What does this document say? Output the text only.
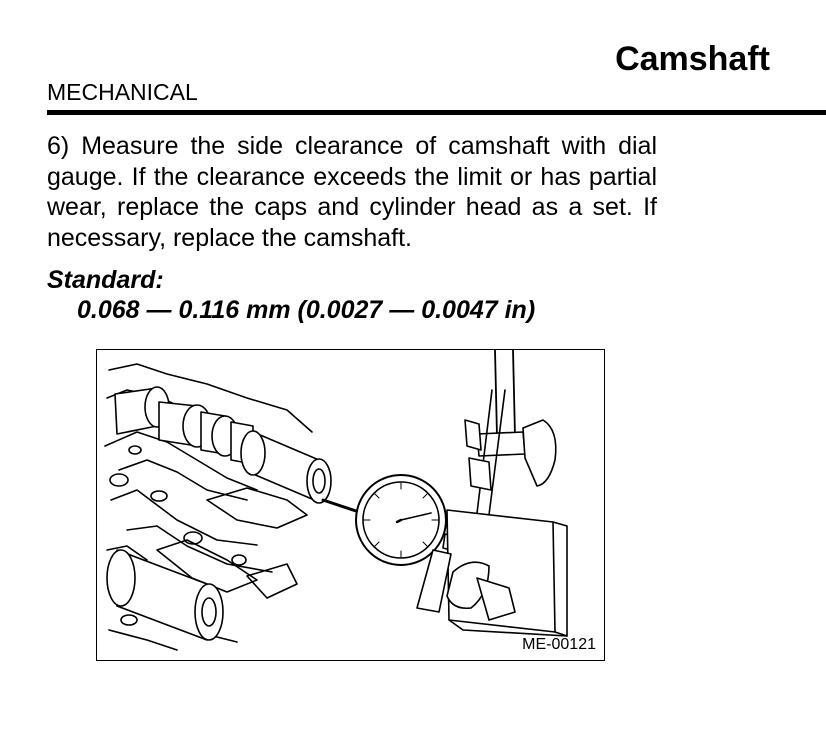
Camshaft
MECHANICAL
6) Measure the side clearance of camshaft with dial gauge. If the clearance exceeds the limit or has partial wear, replace the caps and cylinder head as a set. If necessary, replace the camshaft.
Standard:
0.068 — 0.116 mm (0.0027 — 0.0047 in)
ME-00121
